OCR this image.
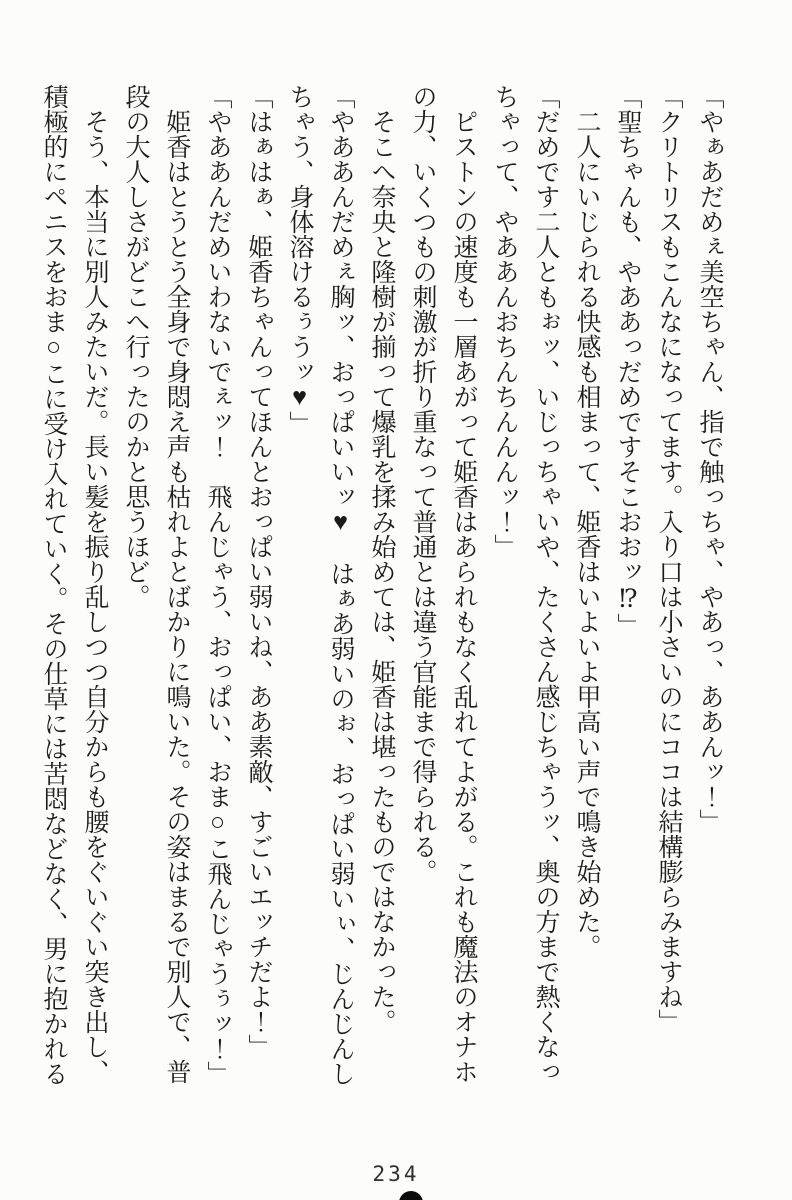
「やぁあだめぇ美空ちゃん、指で触っちゃ、やあっ、ああんッ！」
「クリトリスもこんなになってます。入り口は小さいのにココは結構膨らみますね」
「聖ちゃんも、やああっだめですそこおおッ⁉」
　二人にいじられる快感も相まって、姫香はいよいよ甲高い声で鳴き始めた。
「だめです二人ともぉッ、いじっちゃいや、たくさん感じちゃうッ、奥の方まで熱くなっ
ちゃって、やああんおちんちんんんッ！」
　ピストンの速度も一層あがって姫香はあられもなく乱れてよがる。これも魔法のオナホ
の力、いくつもの刺激が折り重なって普通とは違う官能まで得られる。
　そこへ奈央と隆樹が揃って爆乳を揉み始めては、姫香は堪ったものではなかった。
「やああんだめぇ胸ッ、おっぱいいッ♥　はぁあ弱いのぉ、おっぱい弱いぃ、じんじんし
ちゃう、身体溶けるぅうッ♥」
「はぁはぁ、姫香ちゃんってほんとおっぱい弱いね、ああ素敵、すごいエッチだよ！」
「やああんだめいわないでぇッ！　飛んじゃう、おっぱい、おま○こ飛んじゃうぅッ！」
　姫香はとうとう全身で身悶え声も枯れよとばかりに鳴いた。その姿はまるで別人で、普
段の大人しさがどこへ行ったのかと思うほど。
　そう、本当に別人みたいだ。長い髪を振り乱しつつ自分からも腰をぐいぐい突き出し、
積極的にペニスをおま○こに受け入れていく。その仕草には苦悶などなく、男に抱かれる
234
